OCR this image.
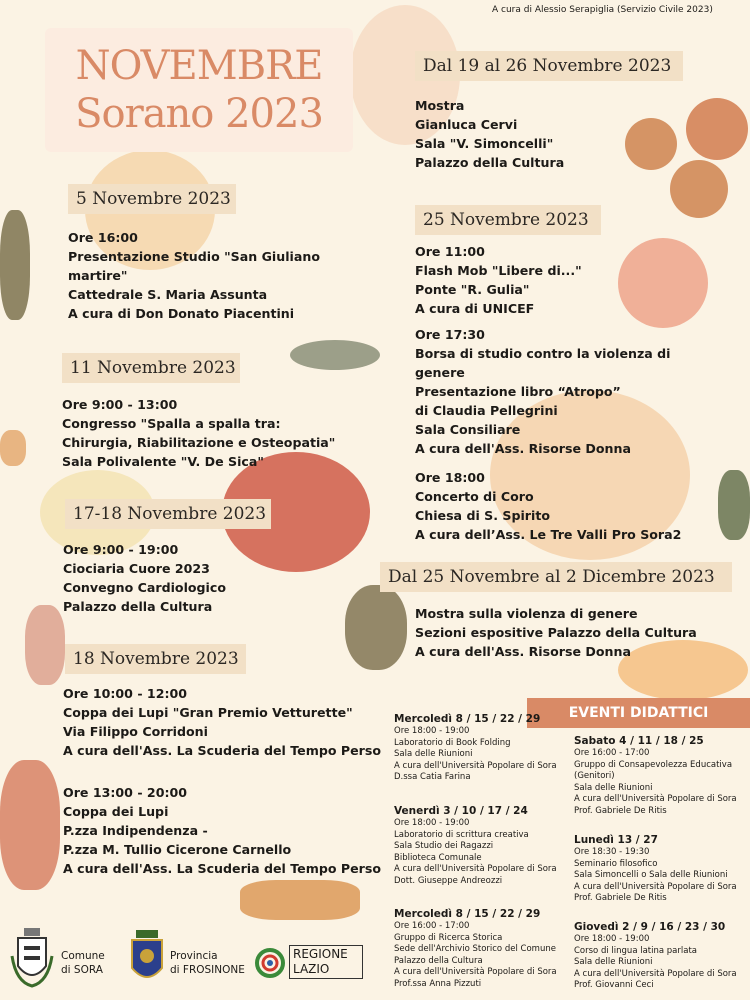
A cura di Alessio Serapiglia (Servizio Civile 2023)
NOVEMBRE
Sorano 2023
5 Novembre 2023
Ore 16:00
Presentazione Studio "San Giuliano
martire"
Cattedrale S. Maria Assunta
A cura di Don Donato Piacentini
11 Novembre 2023
Ore 9:00 - 13:00
Congresso "Spalla a spalla tra:
Chirurgia, Riabilitazione e Osteopatia"
Sala Polivalente "V. De Sica"
17-18 Novembre 2023
Ore 9:00 - 19:00
Ciociaria Cuore 2023
Convegno Cardiologico
Palazzo della Cultura
18 Novembre 2023
Ore 10:00 - 12:00
Coppa dei Lupi "Gran Premio Vetturette"
Via Filippo Corridoni
A cura dell'Ass. La Scuderia del Tempo Perso
Ore 13:00 - 20:00
Coppa dei Lupi
P.zza Indipendenza -
P.zza M. Tullio Cicerone Carnello
A cura dell'Ass. La Scuderia del Tempo Perso
Dal 19 al 26 Novembre 2023
Mostra
Gianluca Cervi
Sala "V. Simoncelli"
Palazzo della Cultura
25 Novembre 2023
Ore 11:00
Flash Mob "Libere di..."
Ponte "R. Gulia"
A cura di UNICEF
Ore 17:30
Borsa di studio contro la violenza di
genere
Presentazione libro “Atropo”
di Claudia Pellegrini
Sala Consiliare
A cura dell'Ass. Risorse Donna
Ore 18:00
Concerto di Coro
Chiesa di S. Spirito
A cura dell’Ass. Le Tre Valli Pro Sora2
Dal 25 Novembre al 2 Dicembre 2023
Mostra sulla violenza di genere
Sezioni espositive Palazzo della Cultura
A cura dell'Ass. Risorse Donna
EVENTI DIDATTICI
Mercoledì 8 / 15 / 22 / 29
Ore 18:00 - 19:00
Laboratorio di Book Folding
Sala delle Riunioni
A cura dell'Università Popolare di Sora
D.ssa Catia Farina
Venerdì 3 / 10 / 17 / 24
Ore 18:00 - 19:00
Laboratorio di scrittura creativa
Sala Studio dei Ragazzi
Biblioteca Comunale
A cura dell'Università Popolare di Sora
Dott. Giuseppe Andreozzi
Mercoledì 8 / 15 / 22 / 29
Ore 16:00 - 17:00
Gruppo di Ricerca Storica
Sede dell'Archivio Storico del Comune
Palazzo della Cultura
A cura dell'Università Popolare di Sora
Prof.ssa Anna Pizzuti
Sabato 4 / 11 / 18 / 25
Ore 16:00 - 17:00
Gruppo di Consapevolezza Educativa
(Genitori)
Sala delle Riunioni
A cura dell'Università Popolare di Sora
Prof. Gabriele De Ritis
Lunedì 13 / 27
Ore 18:30 - 19:30
Seminario filosofico
Sala Simoncelli o Sala delle Riunioni
A cura dell'Università Popolare di Sora
Prof. Gabriele De Ritis
Giovedì 2 / 9 / 16 / 23 / 30
Ore 18:00 - 19:00
Corso di lingua latina parlata
Sala delle Riunioni
A cura dell'Università Popolare di Sora
Prof. Giovanni Ceci
Comune
di SORA
Provincia
di FROSINONE
REGIONE
LAZIO
